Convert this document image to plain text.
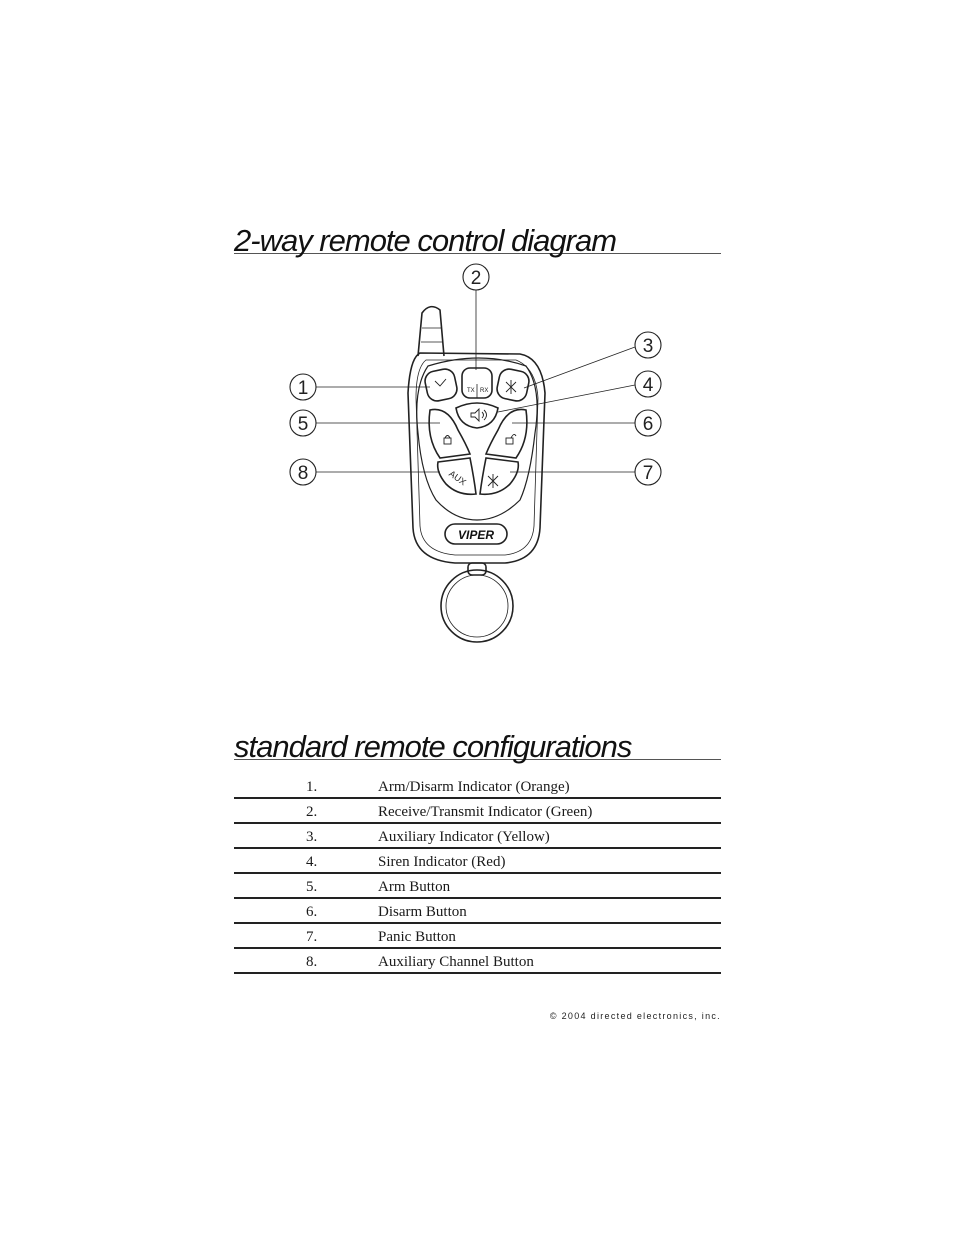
2-way remote control diagram
TX RX
AUX
VIPER
1
2
3
4
5	6
7
8
standard remote configurations
1.	Arm/Disarm Indicator (Orange)
2.	Receive/Transmit Indicator (Green)
3.	Auxiliary Indicator (Yellow)
4.	Siren Indicator (Red)
5.	Arm Button
6.	Disarm Button
7.	Panic Button
8.	Auxiliary Channel Button
© 2004 directed electronics, inc.
